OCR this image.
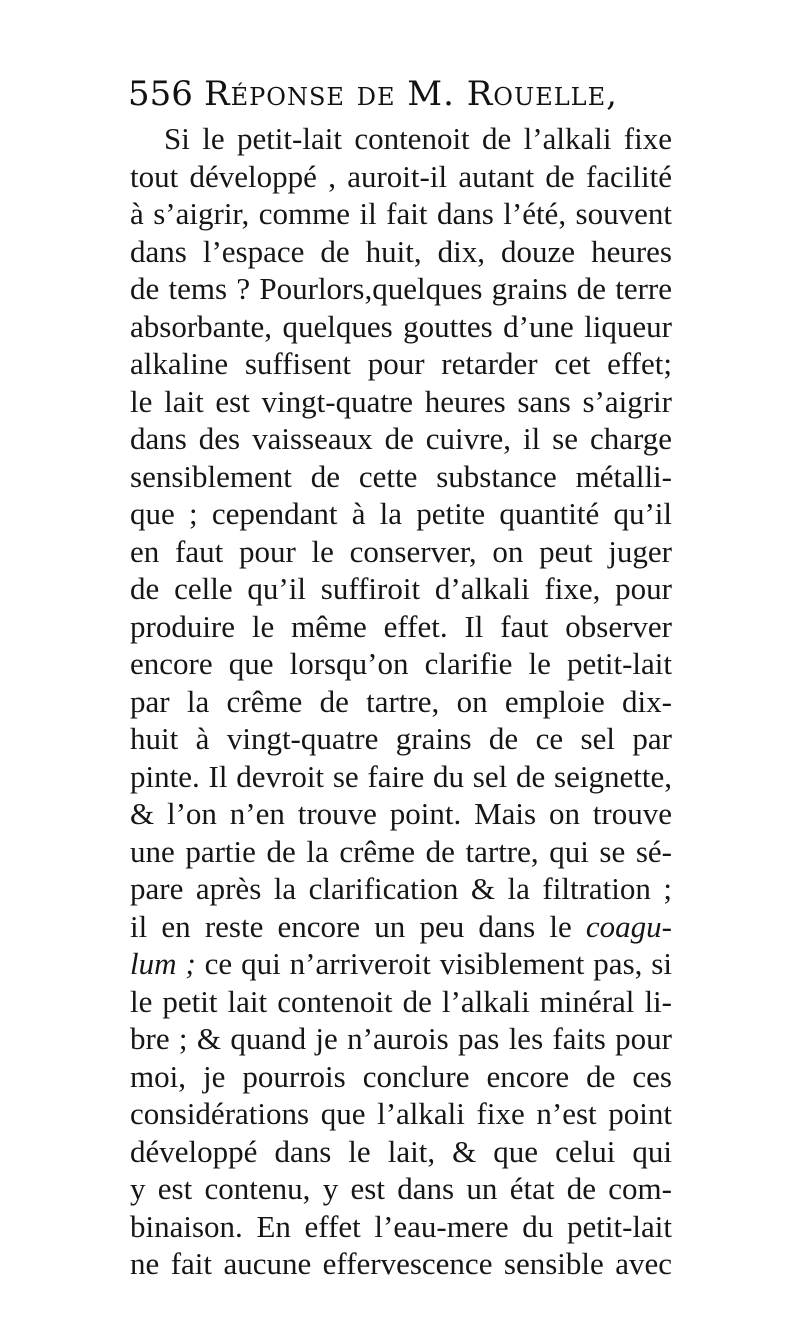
556 Réponse de M. Rouelle,
Si le petit-lait contenoit de l’alkali fixe
tout développé , auroit-il autant de facilité
à s’aigrir, comme il fait dans l’été, souvent
dans l’espace de huit, dix, douze heures
de tems ? Pourlors,quelques grains de terre
absorbante, quelques gouttes d’une liqueur
alkaline suffisent pour retarder cet effet;
le lait est vingt-quatre heures sans s’aigrir
dans des vaisseaux de cuivre, il se charge
sensiblement de cette substance métalli-
que ; cependant à la petite quantité qu’il
en faut pour le conserver, on peut juger
de celle qu’il suffiroit d’alkali fixe, pour
produire le même effet. Il faut observer
encore que lorsqu’on clarifie le petit-lait
par la crême de tartre, on emploie dix-
huit à vingt-quatre grains de ce sel par
pinte. Il devroit se faire du sel de seignette,
& l’on n’en trouve point. Mais on trouve
une partie de la crême de tartre, qui se sé-
pare après la clarification & la filtration ;
il en reste encore un peu dans le coagu-
lum ; ce qui n’arriveroit visiblement pas, si
le petit lait contenoit de l’alkali minéral li-
bre ; & quand je n’aurois pas les faits pour
moi, je pourrois conclure encore de ces
considérations que l’alkali fixe n’est point
développé dans le lait, & que celui qui
y est contenu, y est dans un état de com-
binaison. En effet l’eau-mere du petit-lait
ne fait aucune effervescence sensible avec
